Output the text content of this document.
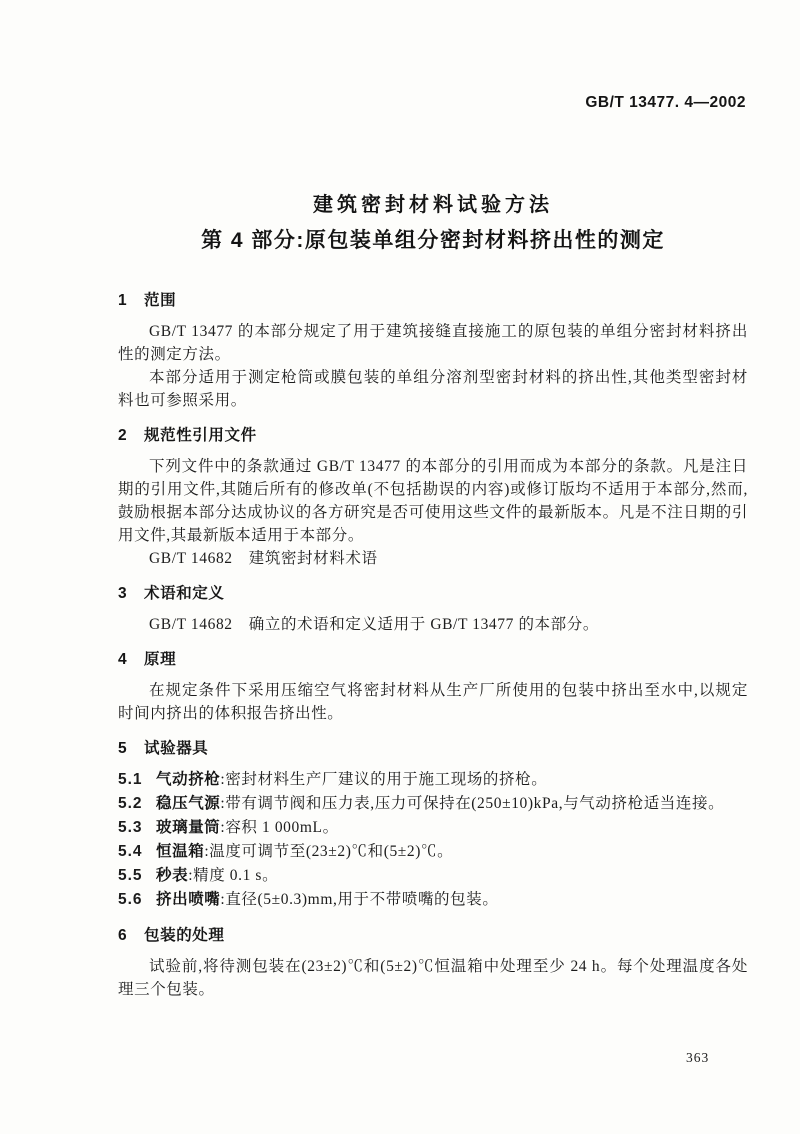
GB/T 13477. 4—2002
建筑密封材料试验方法
第 4 部分:原包装单组分密封材料挤出性的测定
1 范围

GB/T 13477 的本部分规定了用于建筑接缝直接施工的原包装的单组分密封材料挤出性的测定方法。

本部分适用于测定枪筒或膜包装的单组分溶剂型密封材料的挤出性,其他类型密封材料也可参照采用。

2 规范性引用文件

下列文件中的条款通过 GB/T 13477 的本部分的引用而成为本部分的条款。凡是注日期的引用文件,其随后所有的修改单(不包括勘误的内容)或修订版均不适用于本部分,然而,鼓励根据本部分达成协议的各方研究是否可使用这些文件的最新版本。凡是不注日期的引用文件,其最新版本适用于本部分。

GB/T 14682　建筑密封材料术语

3 术语和定义

GB/T 14682　确立的术语和定义适用于 GB/T 13477 的本部分。

4 原理

在规定条件下采用压缩空气将密封材料从生产厂所使用的包装中挤出至水中,以规定时间内挤出的体积报告挤出性。

5 试验器具
5.1 气动挤枪:密封材料生产厂建议的用于施工现场的挤枪。
5.2 稳压气源:带有调节阀和压力表,压力可保持在(250±10)kPa,与气动挤枪适当连接。
5.3 玻璃量筒:容积 1 000mL。
5.4 恒温箱:温度可调节至(23±2)℃和(5±2)℃。
5.5 秒表:精度 0.1 s。
5.6 挤出喷嘴:直径(5±0.3)mm,用于不带喷嘴的包装。
6 包装的处理

试验前,将待测包装在(23±2)℃和(5±2)℃恒温箱中处理至少 24 h。每个处理温度各处理三个包装。

363
